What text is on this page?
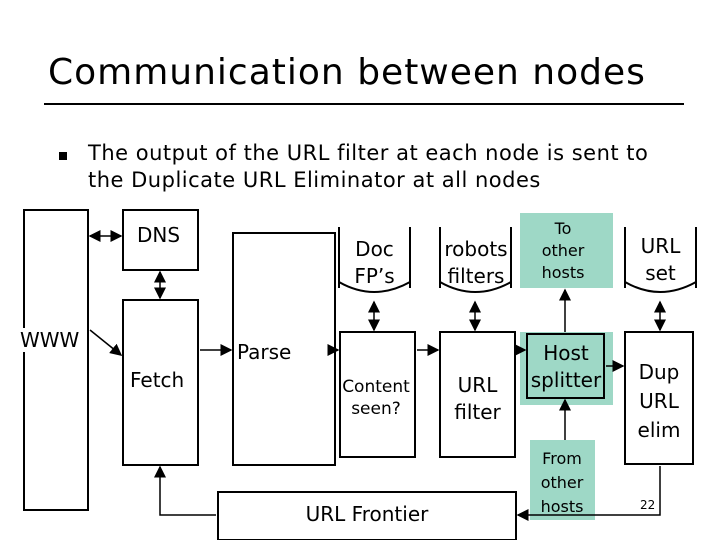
Communication between nodes
The output of the URL filter at each node is sent to the Duplicate URL Eliminator at all nodes
WWW
DNS
Fetch
Parse
Doc
FP’s
Content
seen?
robots
filters
URL
filter
To
other
hosts
Host
splitter
From
other
hosts
URL
set
Dup
URL
elim
URL Frontier	22
